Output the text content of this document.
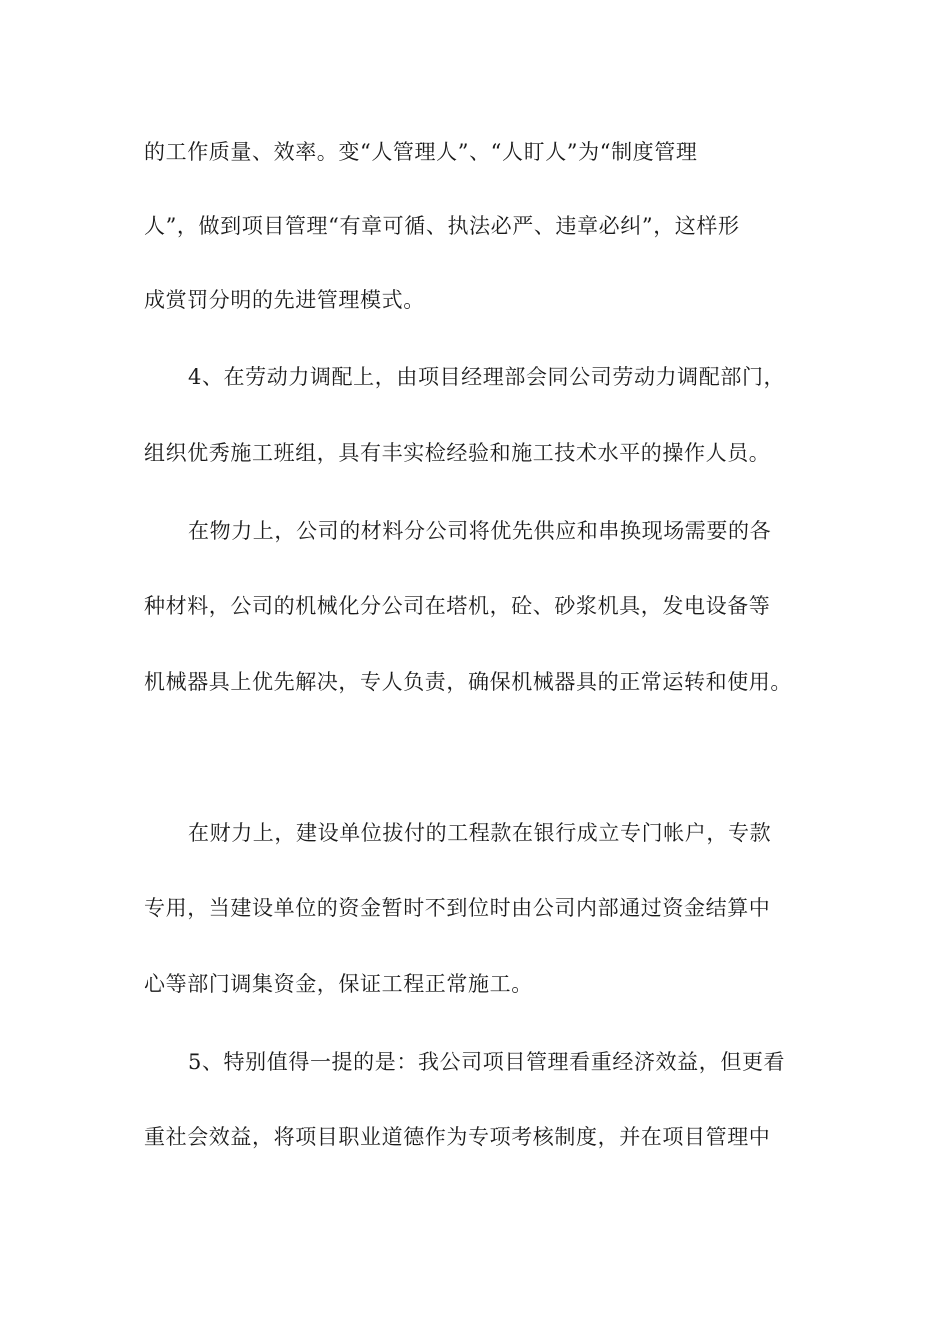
的工作质量、效率。变“人管理人”、“人盯人”为“制度管理
人”，做到项目管理“有章可循、执法必严、违章必纠”，这样形
成赏罚分明的先进管理模式。
4、在劳动力调配上，由项目经理部会同公司劳动力调配部门，
组织优秀施工班组，具有丰实检经验和施工技术水平的操作人员。
在物力上，公司的材料分公司将优先供应和串换现场需要的各
种材料，公司的机械化分公司在塔机，砼、砂浆机具，发电设备等
机械器具上优先解决，专人负责，确保机械器具的正常运转和使用。
在财力上，建设单位拔付的工程款在银行成立专门帐户，专款
专用，当建设单位的资金暂时不到位时由公司内部通过资金结算中
心等部门调集资金，保证工程正常施工。
5、特别值得一提的是：我公司项目管理看重经济效益，但更看
重社会效益，将项目职业道德作为专项考核制度，并在项目管理中
